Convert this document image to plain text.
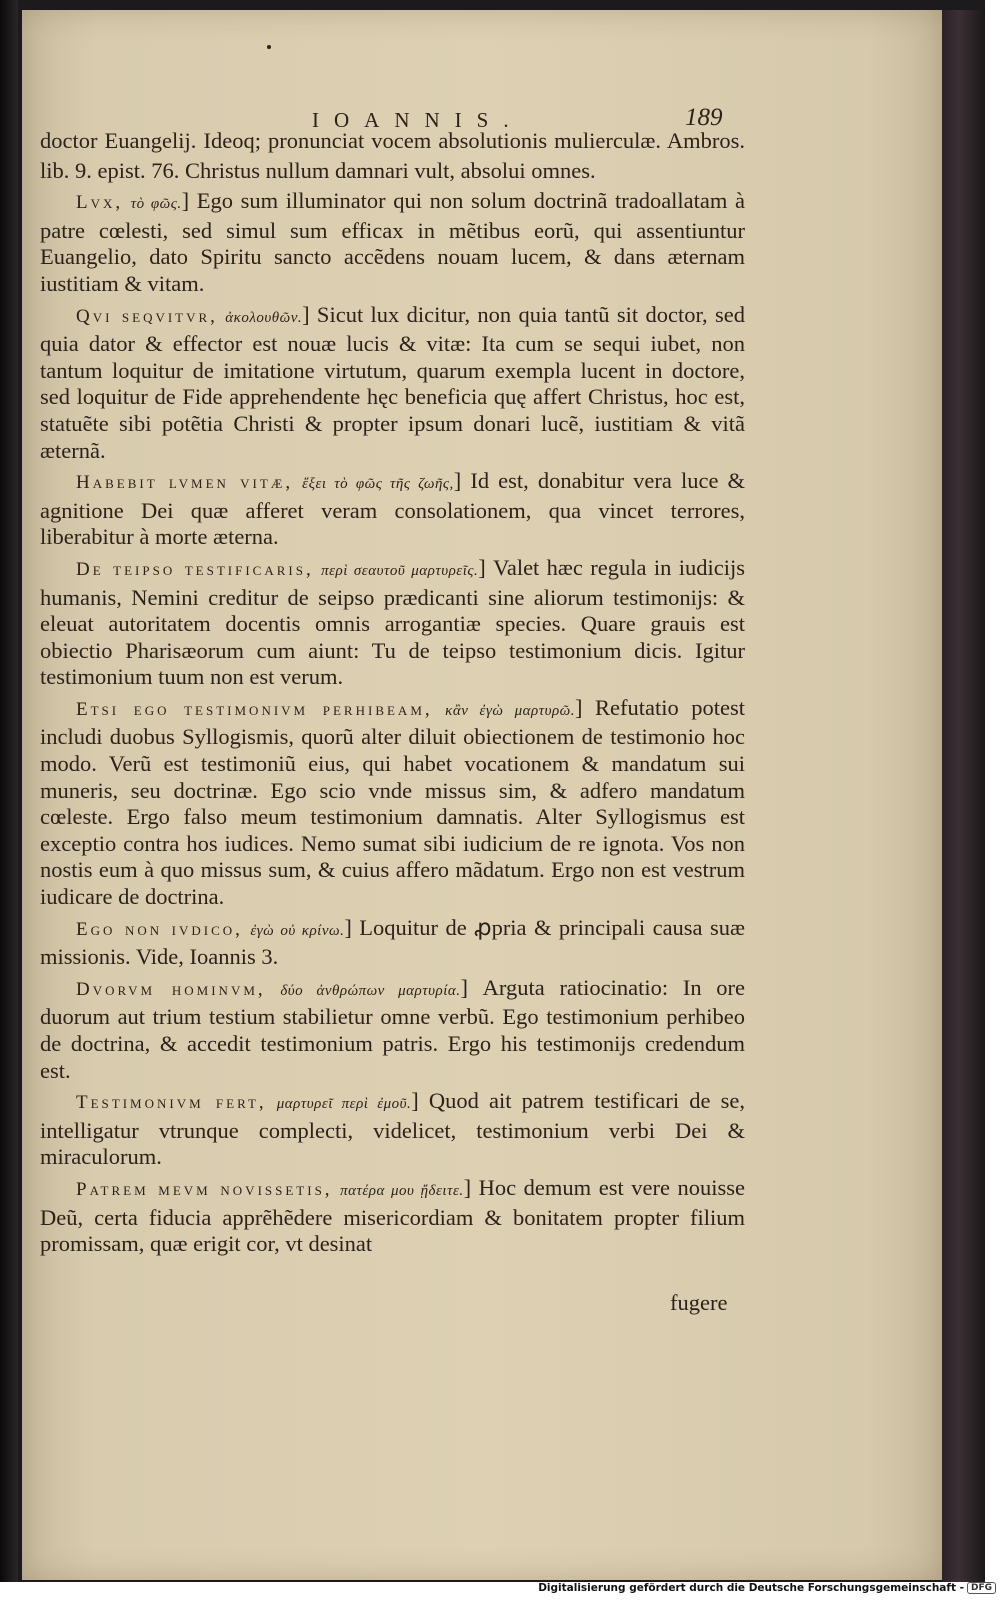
IOANNIS.	189

doctor Euangelij. Ideoq; pronunciat vocem absolutionis mulierculæ. Ambros. lib. 9. epist. 76. Christus nullum damnari vult, absolui omnes.

Lvx, τὸ φῶς.] Ego sum illuminator qui non solum doctrinã tradoallatam à patre cœlesti, sed simul sum efficax in mẽtibus eorũ, qui assentiuntur Euangelio, dato Spiritu sancto accẽdens nouam lucem, & dans æternam iustitiam & vitam.

Qvi seqvitvr, ἀκολουθῶν.] Sicut lux dicitur, non quia tantũ sit doctor, sed quia dator & effector est nouæ lucis & vitæ: Ita cum se sequi iubet, non tantum loquitur de imitatione virtutum, quarum exempla lucent in doctore, sed loquitur de Fide apprehendente hęc beneficia quę affert Christus, hoc est, statuẽte sibi potẽtia Christi & propter ipsum donari lucẽ, iustitiam & vitã æternã.

Habebit lvmen vitæ, ἕξει τὸ φῶς τῆς ζωῆς,] Id est, donabitur vera luce & agnitione Dei quæ afferet veram consolationem, qua vincet terrores, liberabitur à morte æterna.

De teipso testificaris, περὶ σεαυτοῦ μαρτυρεῖς.] Valet hæc regula in iudicijs humanis, Nemini creditur de seipso prædicanti sine aliorum testimonijs: & eleuat autoritatem docentis omnis arrogantiæ species. Quare grauis est obiectio Pharisæorum cum aiunt: Tu de teipso testimonium dicis. Igitur testimonium tuum non est verum.

Etsi ego testimonivm perhibeam, κἂν ἐγὼ μαρτυρῶ.] Refutatio potest includi duobus Syllogismis, quorũ alter diluit obiectionem de testimonio hoc modo. Verũ est testimoniũ eius, qui habet vocationem & mandatum sui muneris, seu doctrinæ. Ego scio vnde missus sim, & adfero mandatum cœleste. Ergo falso meum testimonium damnatis. Alter Syllogismus est exceptio contra hos iudices. Nemo sumat sibi iudicium de re ignota. Vos non nostis eum à quo missus sum, & cuius affero mãdatum. Ergo non est vestrum iudicare de doctrina.

Ego non ivdico, ἐγὼ οὐ κρίνω.] Loquitur de ꝓpria & principali causa suæ missionis. Vide, Ioannis 3.

Dvorvm hominvm, δύο ἀνθρώπων μαρτυρία.] Arguta ratiocinatio: In ore duorum aut trium testium stabilietur omne verbũ. Ego testimonium perhibeo de doctrina, & accedit testimonium patris. Ergo his testimonijs credendum est.

Testimonivm fert, μαρτυρεῖ περὶ ἐμοῦ.] Quod ait patrem testificari de se, intelligatur vtrunque complecti, videlicet, testimonium verbi Dei & miraculorum.

Patrem mevm novissetis, πατέρα μου ᾔδειτε.] Hoc demum est vere nouisse Deũ, certa fiducia apprẽhẽdere misericordiam & bonitatem propter filium promissam, quæ erigit cor, vt desinat

fugere
Digitalisierung gefördert durch die Deutsche Forschungsgemeinschaft - DFG
